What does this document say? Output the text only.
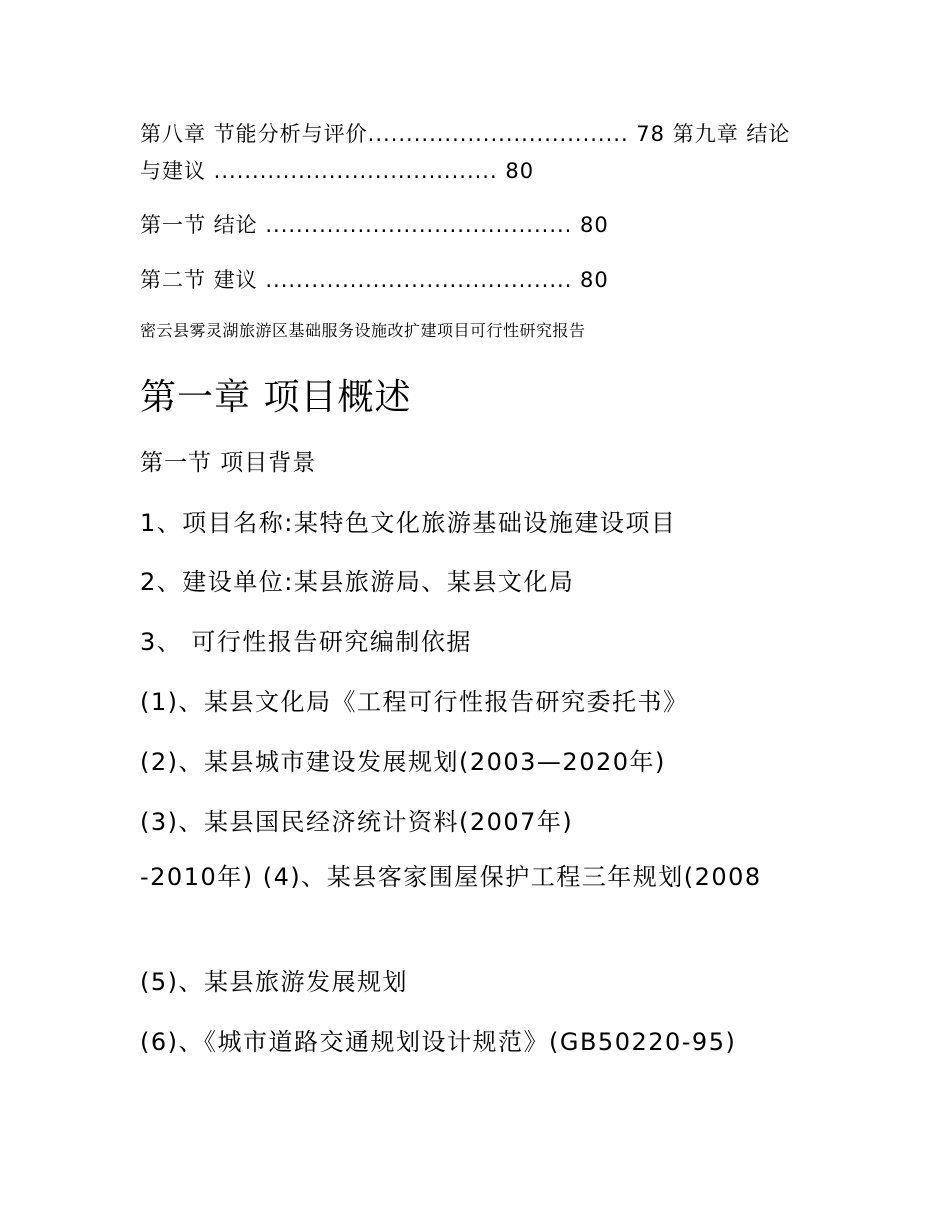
第八章 节能分析与评价.................................. 78 第九章 结论与建议 ..................................... 80
第一节 结论 ........................................ 80
第二节 建议 ........................................ 80
密云县雾灵湖旅游区基础服务设施改扩建项目可行性研究报告
第一章 项目概述
第一节 项目背景
1、项目名称:某特色文化旅游基础设施建设项目
2、建设单位:某县旅游局、某县文化局
3、 可行性报告研究编制依据
(1)、某县文化局《工程可行性报告研究委托书》
(2)、某县城市建设发展规划(2003—2020年)
(3)、某县国民经济统计资料(2007年)
-2010年) (4)、某县客家围屋保护工程三年规划(2008
(5)、某县旅游发展规划
(6)、《城市道路交通规划设计规范》(GB50220-95)
